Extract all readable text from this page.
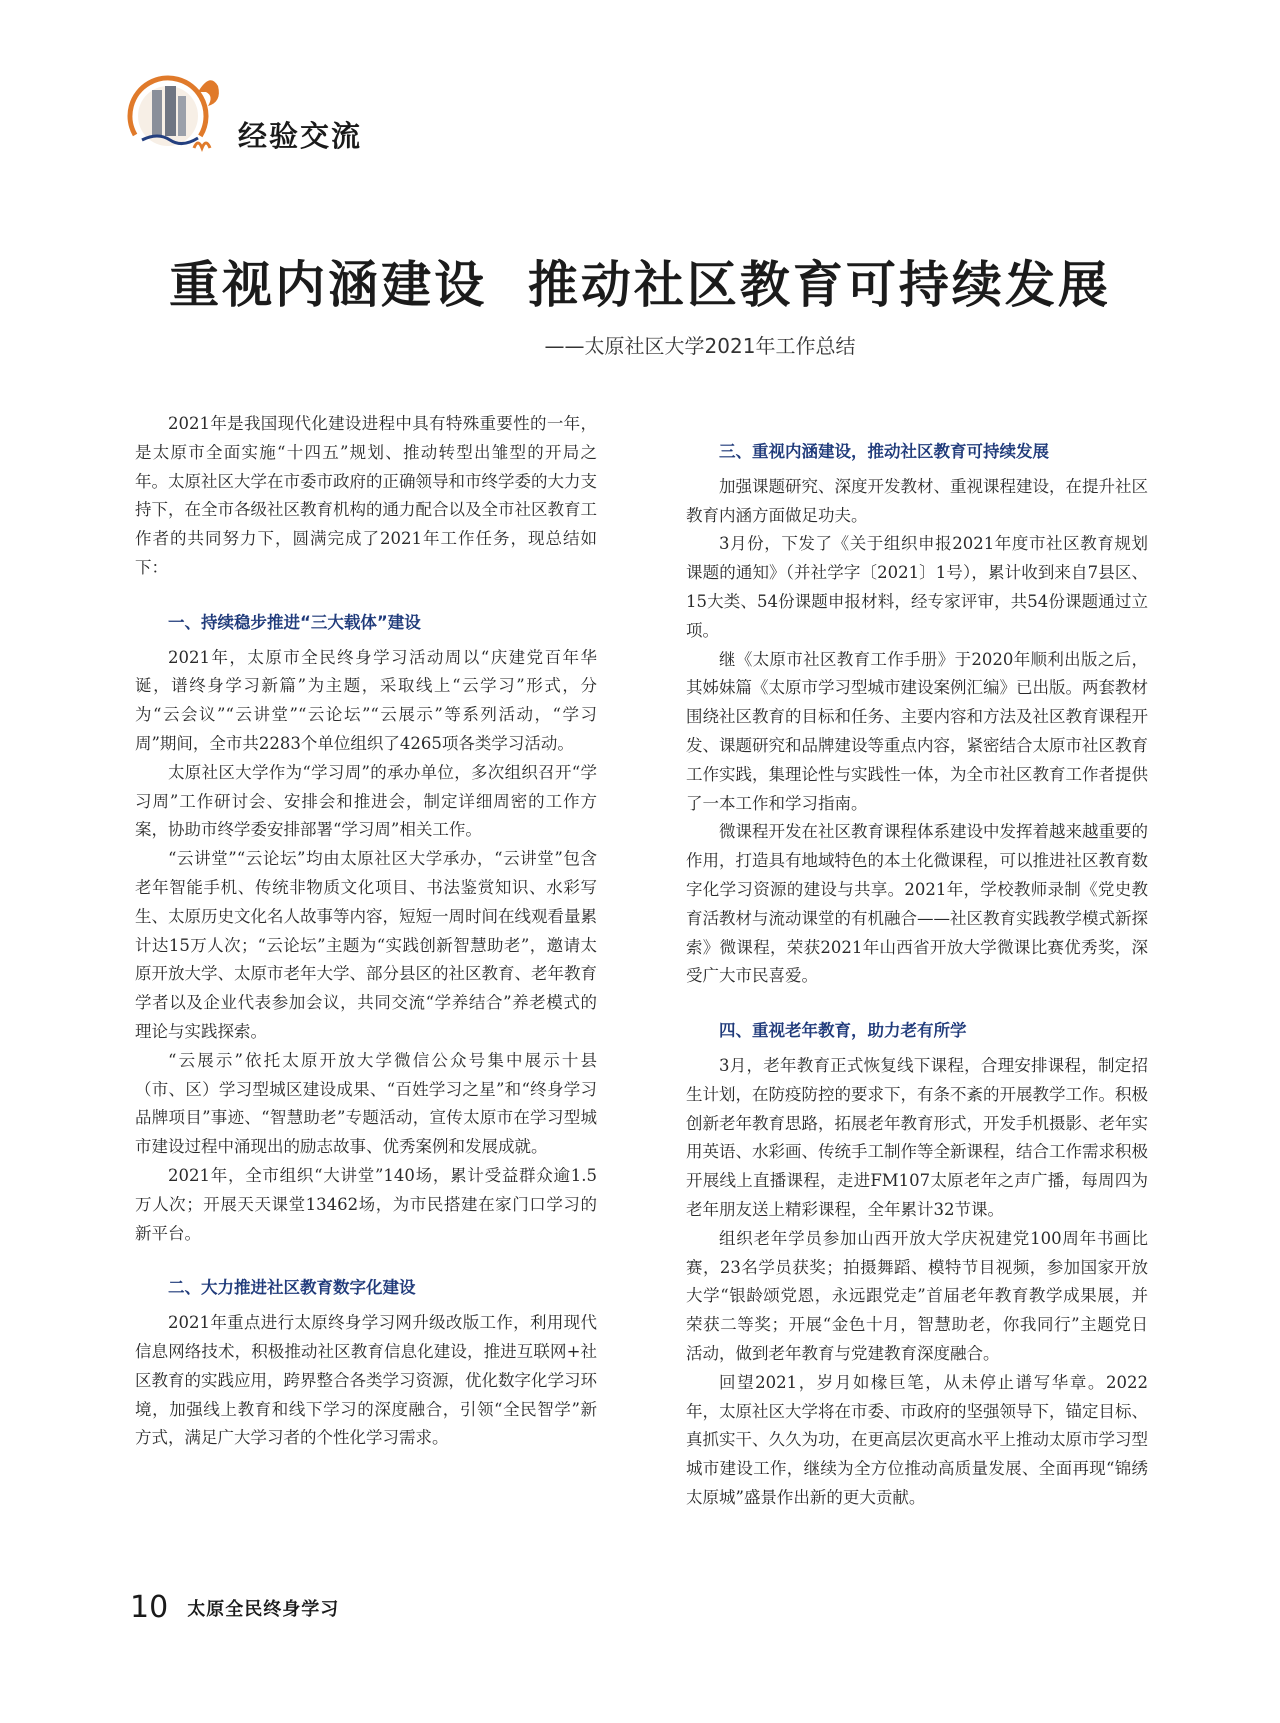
经验交流
重视内涵建设  推动社区教育可持续发展
——太原社区大学2021年工作总结

2021年是我国现代化建设进程中具有特殊重要性的一年，是太原市全面实施“十四五”规划、推动转型出雏型的开局之年。太原社区大学在市委市政府的正确领导和市终学委的大力支持下，在全市各级社区教育机构的通力配合以及全市社区教育工作者的共同努力下，圆满完成了2021年工作任务，现总结如下：

一、持续稳步推进“三大载体”建设

2021年，太原市全民终身学习活动周以“庆建党百年华诞，谱终身学习新篇”为主题，采取线上“云学习”形式，分为“云会议”“云讲堂”“云论坛”“云展示”等系列活动，“学习周”期间，全市共2283个单位组织了4265项各类学习活动。

太原社区大学作为“学习周”的承办单位，多次组织召开“学习周”工作研讨会、安排会和推进会，制定详细周密的工作方案，协助市终学委安排部署“学习周”相关工作。

“云讲堂”“云论坛”均由太原社区大学承办，“云讲堂”包含老年智能手机、传统非物质文化项目、书法鉴赏知识、水彩写生、太原历史文化名人故事等内容，短短一周时间在线观看量累计达15万人次；“云论坛”主题为“实践创新智慧助老”，邀请太原开放大学、太原市老年大学、部分县区的社区教育、老年教育学者以及企业代表参加会议，共同交流“学养结合”养老模式的理论与实践探索。

“云展示”依托太原开放大学微信公众号集中展示十县（市、区）学习型城区建设成果、“百姓学习之星”和“终身学习品牌项目”事迹、“智慧助老”专题活动，宣传太原市在学习型城市建设过程中涌现出的励志故事、优秀案例和发展成就。

2021年，全市组织“大讲堂”140场，累计受益群众逾1.5万人次；开展天天课堂13462场，为市民搭建在家门口学习的新平台。

二、大力推进社区教育数字化建设

2021年重点进行太原终身学习网升级改版工作，利用现代信息网络技术，积极推动社区教育信息化建设，推进互联网+社区教育的实践应用，跨界整合各类学习资源，优化数字化学习环境，加强线上教育和线下学习的深度融合，引领“全民智学”新方式，满足广大学习者的个性化学习需求。

三、重视内涵建设，推动社区教育可持续发展

加强课题研究、深度开发教材、重视课程建设，在提升社区教育内涵方面做足功夫。

3月份，下发了《关于组织申报2021年度市社区教育规划课题的通知》（并社学字〔2021〕1号），累计收到来自7县区、15大类、54份课题申报材料，经专家评审，共54份课题通过立项。

继《太原市社区教育工作手册》于2020年顺利出版之后，其姊妹篇《太原市学习型城市建设案例汇编》已出版。两套教材围绕社区教育的目标和任务、主要内容和方法及社区教育课程开发、课题研究和品牌建设等重点内容，紧密结合太原市社区教育工作实践，集理论性与实践性一体，为全市社区教育工作者提供了一本工作和学习指南。

微课程开发在社区教育课程体系建设中发挥着越来越重要的作用，打造具有地域特色的本土化微课程，可以推进社区教育数字化学习资源的建设与共享。2021年，学校教师录制《党史教育活教材与流动课堂的有机融合——社区教育实践教学模式新探索》微课程，荣获2021年山西省开放大学微课比赛优秀奖，深受广大市民喜爱。

四、重视老年教育，助力老有所学

3月，老年教育正式恢复线下课程，合理安排课程，制定招生计划，在防疫防控的要求下，有条不紊的开展教学工作。积极创新老年教育思路，拓展老年教育形式，开发手机摄影、老年实用英语、水彩画、传统手工制作等全新课程，结合工作需求积极开展线上直播课程，走进FM107太原老年之声广播，每周四为老年朋友送上精彩课程，全年累计32节课。

组织老年学员参加山西开放大学庆祝建党100周年书画比赛，23名学员获奖；拍摄舞蹈、模特节目视频，参加国家开放大学“银龄颂党恩，永远跟党走”首届老年教育教学成果展，并荣获二等奖；开展“金色十月，智慧助老，你我同行”主题党日活动，做到老年教育与党建教育深度融合。

回望2021，岁月如椽巨笔，从未停止谱写华章。2022年，太原社区大学将在市委、市政府的坚强领导下，锚定目标、真抓实干、久久为功，在更高层次更高水平上推动太原市学习型城市建设工作，继续为全方位推动高质量发展、全面再现“锦绣太原城”盛景作出新的更大贡献。

10 太原全民终身学习
